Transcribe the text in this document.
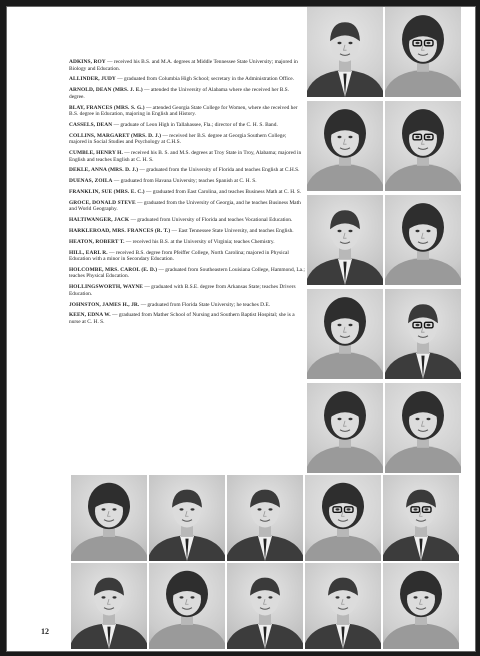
ADKINS, ROY — received his B.S. and M.A. degrees at Middle Tennessee State University; majored in Biology and Education.

ALLINDER, JUDY — graduated from Columbia High School; secretary in the Administration Office.

ARNOLD, DEAN (MRS. J. E.) — attended the University of Alabama where she received her B.S. degree.

BLAY, FRANCES (MRS. S. G.) — attended Georgia State College for Women, where she received her B.S. degree in Education, majoring in English and History.

CASSELS, DEAN — graduate of Leon High in Tallahassee, Fla.; director of the C. H. S. Band.

COLLINS, MARGARET (MRS. D. J.) — received her B.S. degree at Georgia Southern College; majored in Social Studies and Psychology at C.H.S.

CUMBLE, HENRY H. — received his B. S. and M.S. degrees at Troy State in Troy, Alabama; majored in English and teaches English at C. H. S.

DEKLE, ANNA (MRS. D. J.) — graduated from the University of Florida and teaches English at C.H.S.

DUENAS, ZOILA — graduated from Havana University; teaches Spanish at C. H. S.

FRANKLIN, SUE (MRS. E. C.) — graduated from East Carolina, and teaches Business Math at C. H. S.

GROCE, DONALD STEVE — graduated from the University of Georgia, and he teaches Business Math and World Geography.

HALTIWANGER, JACK — graduated from University of Florida and teaches Vocational Education.

HARKLEROAD, MRS. FRANCES (R. T.) — East Tennessee State University, and teaches English.

HEATON, ROBERT T. — received his B.S. at the University of Virginia; teaches Chemistry.

HILL, EARL R. — received B.S. degree from Pfeiffer College, North Carolina; majored in Physical Education with a minor in Secondary Education.

HOLCOMBE, MRS. CAROL (E. D.) — graduated from Southeastern Louisiana College, Hammond, La.; teaches Physical Education.

HOLLINGSWORTH, WAYNE — graduated with B.S.E. degree from Arkansas State; teaches Drivers Education.

JOHNSTON, JAMES H., JR. — graduated from Florida State University; he teaches D.E.

KEEN, EDNA W. — graduated from Mather School of Nursing and Southern Baptist Hospital; she is a nurse at C. H. S.

12
